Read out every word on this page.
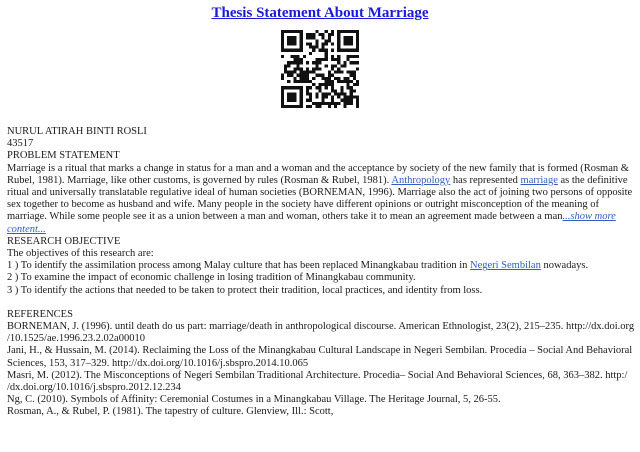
Thesis Statement About Marriage

NURUL ATIRAH BINTI ROSLI

43517

PROBLEM STATEMENT

Marriage is a ritual that marks a change in status for a man and a woman and the acceptance by society of the new family that is formed (Rosman & Rubel, 1981). Marriage, like other customs, is governed by rules (Rosman & Rubel, 1981). Anthropology has represented marriage as the definitive ritual and universally translatable regulative ideal of human societies (BORNEMAN, 1996). Marriage also the act of joining two persons of opposite sex together to become as husband and wife. Many people in the society have different opinions or outright misconception of the meaning of marriage. While some people see it as a union between a man and woman, others take it to mean an agreement made between a man...show more content...

RESEARCH OBJECTIVE

The objectives of this research are:

1 ) To identify the assimilation process among Malay culture that has been replaced Minangkabau tradition in Negeri Sembilan nowadays.

2 ) To examine the impact of economic challenge in losing tradition of Minangkabau community.

3 ) To identify the actions that needed to be taken to protect their tradition, local practices, and identity from loss.

REFERENCES

BORNEMAN, J. (1996). until death do us part: marriage/death in anthropological discourse. American Ethnologist, 23(2), 215–235. http://dx.doi.org /10.1525/ae.1996.23.2.02a00010

Jani, H., & Hussain, M. (2014). Reclaiming the Loss of the Minangkabau Cultural Landscape in Negeri Sembilan. Procedia – Social And Behavioral Sciences, 153, 317–329. http://dx.doi.org/10.1016/j.sbspro.2014.10.065

Masri, M. (2012). The Misconceptions of Negeri Sembilan Traditional Architecture. Procedia– Social And Behavioral Sciences, 68, 363–382. http:/ /dx.doi.org/10.1016/j.sbspro.2012.12.234

Ng, C. (2010). Symbols of Affinity: Ceremonial Costumes in a Minangkabau Village. The Heritage Journal, 5, 26-55.

Rosman, A., & Rubel, P. (1981). The tapestry of culture. Glenview, Ill.: Scott,
